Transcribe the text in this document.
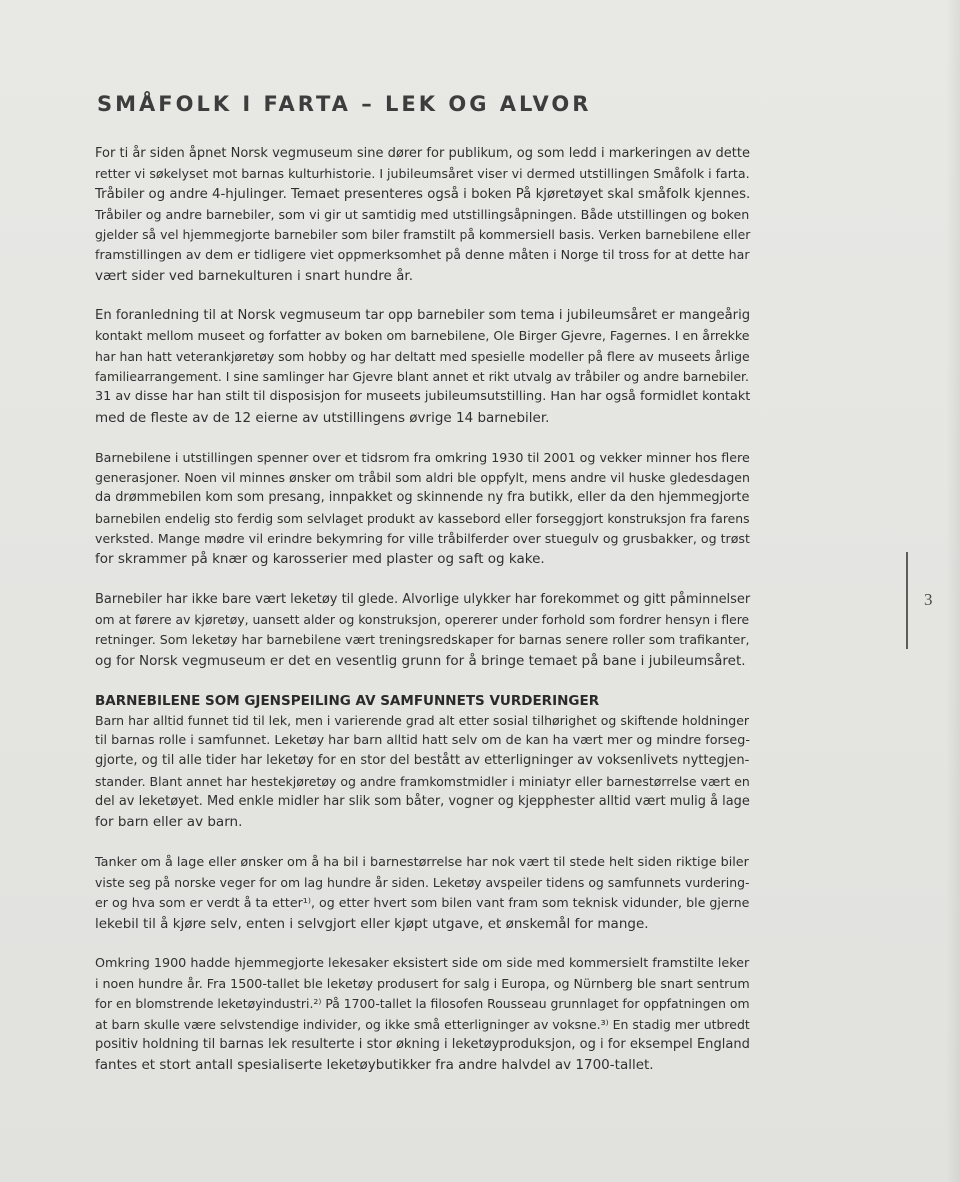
SMÅFOLK I FARTA – LEK OG ALVOR

For ti år siden åpnet Norsk vegmuseum sine dører for publikum, og som ledd i markeringen av dette
retter vi søkelyset mot barnas kulturhistorie. I jubileumsåret viser vi dermed utstillingen Småfolk i farta.
Tråbiler og andre 4-hjulinger. Temaet presenteres også i boken På kjøretøyet skal småfolk kjennes.
Tråbiler og andre barnebiler, som vi gir ut samtidig med utstillingsåpningen. Både utstillingen og boken
gjelder så vel hjemmegjorte barnebiler som biler framstilt på kommersiell basis. Verken barnebilene eller
framstillingen av dem er tidligere viet oppmerksomhet på denne måten i Norge til tross for at dette har
vært sider ved barnekulturen i snart hundre år.

En foranledning til at Norsk vegmuseum tar opp barnebiler som tema i jubileumsåret er mangeårig
kontakt mellom museet og forfatter av boken om barnebilene, Ole Birger Gjevre, Fagernes. I en årrekke
har han hatt veterankjøretøy som hobby og har deltatt med spesielle modeller på flere av museets årlige
familiearrangement. I sine samlinger har Gjevre blant annet et rikt utvalg av tråbiler og andre barnebiler.
31 av disse har han stilt til disposisjon for museets jubileumsutstilling. Han har også formidlet kontakt
med de fleste av de 12 eierne av utstillingens øvrige 14 barnebiler.

Barnebilene i utstillingen spenner over et tidsrom fra omkring 1930 til 2001 og vekker minner hos flere
generasjoner. Noen vil minnes ønsker om tråbil som aldri ble oppfylt, mens andre vil huske gledesdagen
da drømmebilen kom som presang, innpakket og skinnende ny fra butikk, eller da den hjemmegjorte
barnebilen endelig sto ferdig som selvlaget produkt av kassebord eller forseggjort konstruksjon fra farens
verksted. Mange mødre vil erindre bekymring for ville tråbilferder over stuegulv og grusbakker, og trøst
for skrammer på knær og karosserier med plaster og saft og kake.

Barnebiler har ikke bare vært leketøy til glede. Alvorlige ulykker har forekommet og gitt påminnelser
om at førere av kjøretøy, uansett alder og konstruksjon, opererer under forhold som fordrer hensyn i flere
retninger. Som leketøy har barnebilene vært treningsredskaper for barnas senere roller som trafikanter,
og for Norsk vegmuseum er det en vesentlig grunn for å bringe temaet på bane i jubileumsåret.

BARNEBILENE SOM GJENSPEILING AV SAMFUNNETS VURDERINGER

Barn har alltid funnet tid til lek, men i varierende grad alt etter sosial tilhørighet og skiftende holdninger
til barnas rolle i samfunnet. Leketøy har barn alltid hatt selv om de kan ha vært mer og mindre forseg-
gjorte, og til alle tider har leketøy for en stor del bestått av etterligninger av voksenlivets nyttegjen-
stander. Blant annet har hestekjøretøy og andre framkomstmidler i miniatyr eller barnestørrelse vært en
del av leketøyet. Med enkle midler har slik som båter, vogner og kjepphester alltid vært mulig å lage
for barn eller av barn.

Tanker om å lage eller ønsker om å ha bil i barnestørrelse har nok vært til stede helt siden riktige biler
viste seg på norske veger for om lag hundre år siden. Leketøy avspeiler tidens og samfunnets vurdering-
er og hva som er verdt å ta etter¹⁾, og etter hvert som bilen vant fram som teknisk vidunder, ble gjerne
lekebil til å kjøre selv, enten i selvgjort eller kjøpt utgave, et ønskemål for mange.

Omkring 1900 hadde hjemmegjorte lekesaker eksistert side om side med kommersielt framstilte leker
i noen hundre år. Fra 1500-tallet ble leketøy produsert for salg i Europa, og Nürnberg ble snart sentrum
for en blomstrende leketøyindustri.²⁾ På 1700-tallet la filosofen Rousseau grunnlaget for oppfatningen om
at barn skulle være selvstendige individer, og ikke små etterligninger av voksne.³⁾ En stadig mer utbredt
positiv holdning til barnas lek resulterte i stor økning i leketøyproduksjon, og i for eksempel England
fantes et stort antall spesialiserte leketøybutikker fra andre halvdel av 1700-tallet.

3
